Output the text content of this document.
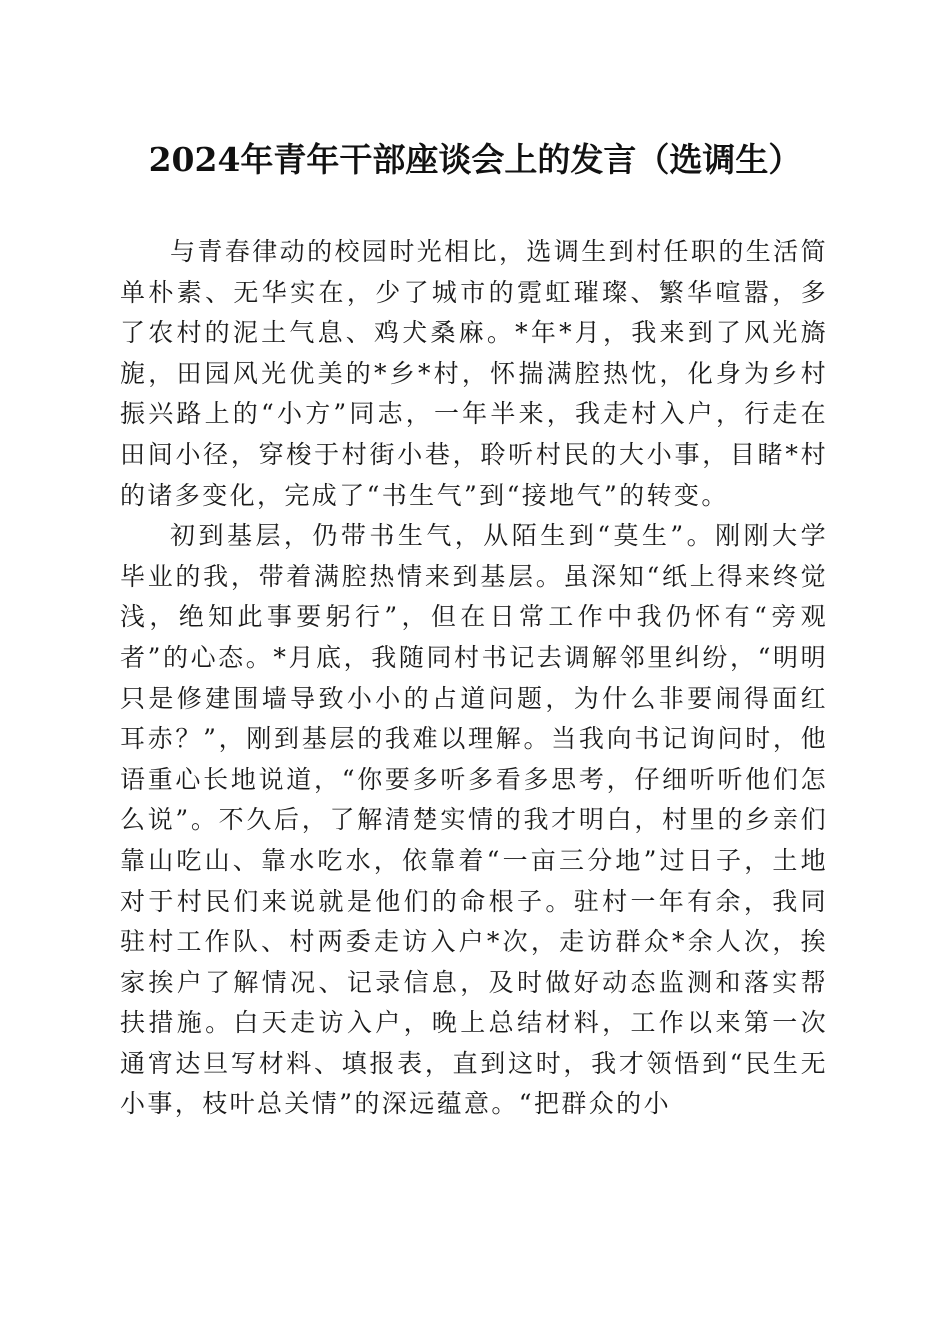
2024年青年干部座谈会上的发言（选调生）

与青春律动的校园时光相比，选调生到村任职的生活简单朴素、无华实在，少了城市的霓虹璀璨、繁华喧嚣，多了农村的泥土气息、鸡犬桑麻。*年*月，我来到了风光旖旎，田园风光优美的*乡*村，怀揣满腔热忱，化身为乡村振兴路上的“小方”同志，一年半来，我走村入户，行走在田间小径，穿梭于村街小巷，聆听村民的大小事，目睹*村的诸多变化，完成了“书生气”到“接地气”的转变。

初到基层，仍带书生气，从陌生到“莫生”。刚刚大学毕业的我，带着满腔热情来到基层。虽深知“纸上得来终觉浅，绝知此事要躬行”，但在日常工作中我仍怀有“旁观者”的心态。*月底，我随同村书记去调解邻里纠纷，“明明只是修建围墙导致小小的占道问题，为什么非要闹得面红耳赤？”，刚到基层的我难以理解。当我向书记询问时，他语重心长地说道，“你要多听多看多思考，仔细听听他们怎么说”。不久后，了解清楚实情的我才明白，村里的乡亲们靠山吃山、靠水吃水，依靠着“一亩三分地”过日子，土地对于村民们来说就是他们的命根子。驻村一年有余，我同驻村工作队、村两委走访入户*次，走访群众*余人次，挨家挨户了解情况、记录信息，及时做好动态监测和落实帮扶措施。白天走访入户，晚上总结材料，工作以来第一次通宵达旦写材料、填报表，直到这时，我才领悟到“民生无小事，枝叶总关情”的深远蕴意。“把群众的小
